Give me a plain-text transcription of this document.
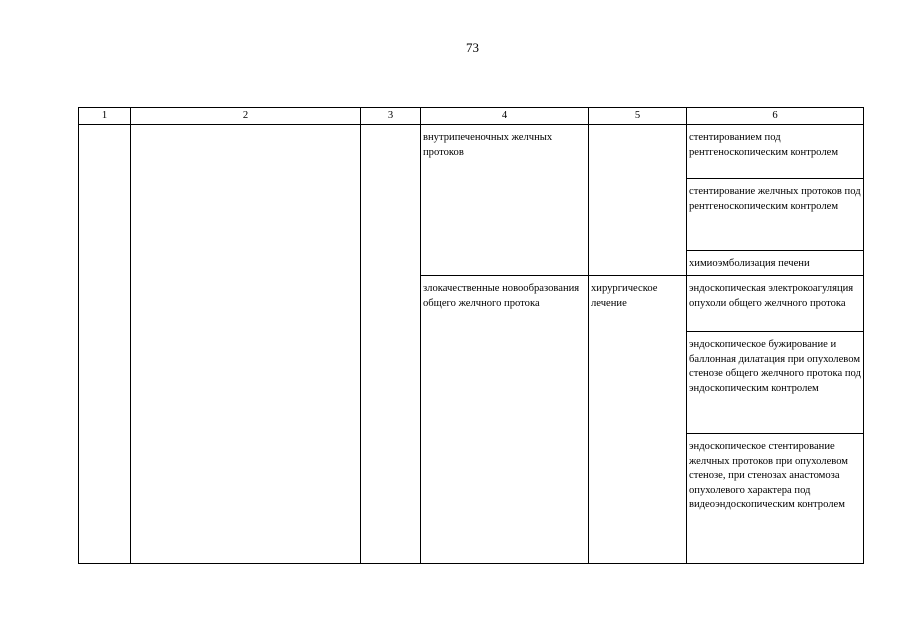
73
1	2	3	4	5	6
			внутрипеченочных желчных протоков		стентированием под рентгеноскопическим контролем
					стентирование желчных протоков под рентгеноскопическим контролем
					химиоэмболизация печени
			злокачественные новообразования общего желчного протока	хирургическое лечение	эндоскопическая электрокоагуляция опухоли общего желчного протока
					эндоскопическое бужирование и баллонная дилатация при опухолевом стенозе общего желчного протока под эндоскопическим контролем
					эндоскопическое стентирование желчных протоков при опухолевом стенозе, при стенозах анастомоза опухолевого характера под видеоэндоскопическим контролем
